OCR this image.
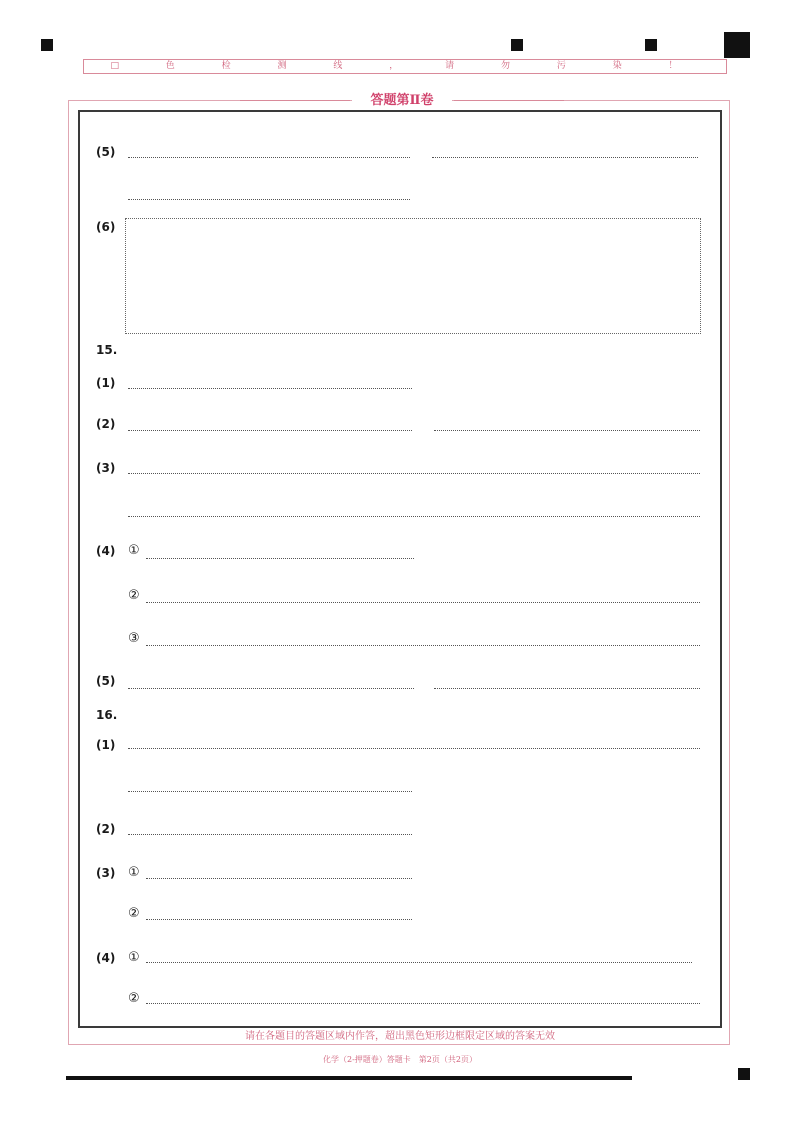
□ 色 检 测 线 ， 请 勿 污 染 ！
答题第Ⅱ卷
(5)
(6)
15.
(1)
(2)
(3)
(4) ①
②
③
(5)
16.
(1)
(2)
(3) ①
②
(4) ①
②
请在各题目的答题区域内作答，超出黑色矩形边框限定区域的答案无效
化学（2-押题卷）答题卡　第2页（共2页）
